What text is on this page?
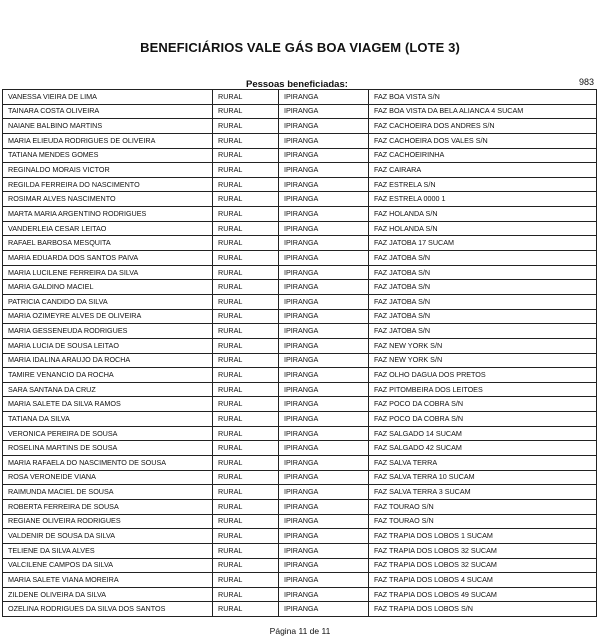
BENEFICIÁRIOS VALE GÁS BOA VIAGEM (LOTE 3)
Pessoas beneficiadas:	983
VANESSA VIEIRA DE LIMA	RURAL	IPIRANGA	FAZ BOA VISTA S/N
TAINARA COSTA OLIVEIRA	RURAL	IPIRANGA	FAZ BOA VISTA DA BELA ALIANCA 4 SUCAM
NAIANE BALBINO MARTINS	RURAL	IPIRANGA	FAZ CACHOEIRA DOS ANDRES S/N
MARIA ELIEUDA RODRIGUES DE OLIVEIRA	RURAL	IPIRANGA	FAZ CACHOEIRA DOS VALES S/N
TATIANA MENDES GOMES	RURAL	IPIRANGA	FAZ CACHOEIRINHA
REGINALDO MORAIS VICTOR	RURAL	IPIRANGA	FAZ CAIRARA
REGILDA FERREIRA DO NASCIMENTO	RURAL	IPIRANGA	FAZ ESTRELA S/N
ROSIMAR ALVES NASCIMENTO	RURAL	IPIRANGA	FAZ ESTRELA 0000 1
MARTA MARIA ARGENTINO RODRIGUES	RURAL	IPIRANGA	FAZ HOLANDA S/N
VANDERLEIA CESAR LEITAO	RURAL	IPIRANGA	FAZ HOLANDA S/N
RAFAEL BARBOSA MESQUITA	RURAL	IPIRANGA	FAZ JATOBA 17 SUCAM
MARIA EDUARDA DOS SANTOS PAIVA	RURAL	IPIRANGA	FAZ JATOBA S/N
MARIA LUCILENE FERREIRA DA SILVA	RURAL	IPIRANGA	FAZ JATOBA S/N
MARIA GALDINO MACIEL	RURAL	IPIRANGA	FAZ JATOBA S/N
PATRICIA CANDIDO DA SILVA	RURAL	IPIRANGA	FAZ JATOBA S/N
MARIA OZIMEYRE ALVES DE OLIVEIRA	RURAL	IPIRANGA	FAZ JATOBA S/N
MARIA GESSENEUDA RODRIGUES	RURAL	IPIRANGA	FAZ JATOBA S/N
MARIA LUCIA DE SOUSA LEITAO	RURAL	IPIRANGA	FAZ NEW YORK S/N
MARIA IDALINA ARAUJO DA ROCHA	RURAL	IPIRANGA	FAZ NEW YORK S/N
TAMIRE VENANCIO DA ROCHA	RURAL	IPIRANGA	FAZ OLHO DAGUA DOS PRETOS
SARA SANTANA DA CRUZ	RURAL	IPIRANGA	FAZ PITOMBEIRA DOS LEITOES
MARIA SALETE DA SILVA RAMOS	RURAL	IPIRANGA	FAZ POCO DA COBRA S/N
TATIANA DA SILVA	RURAL	IPIRANGA	FAZ POCO DA COBRA S/N
VERONICA PEREIRA DE SOUSA	RURAL	IPIRANGA	FAZ SALGADO 14 SUCAM
ROSELINA MARTINS DE SOUSA	RURAL	IPIRANGA	FAZ SALGADO 42 SUCAM
MARIA RAFAELA DO NASCIMENTO DE SOUSA	RURAL	IPIRANGA	FAZ SALVA TERRA
ROSA VERONEIDE VIANA	RURAL	IPIRANGA	FAZ SALVA TERRA 10 SUCAM
RAIMUNDA MACIEL DE SOUSA	RURAL	IPIRANGA	FAZ SALVA TERRA 3 SUCAM
ROBERTA FERREIRA DE SOUSA	RURAL	IPIRANGA	FAZ TOURAO S/N
REGIANE OLIVEIRA RODRIGUES	RURAL	IPIRANGA	FAZ TOURAO S/N
VALDENIR DE SOUSA DA SILVA	RURAL	IPIRANGA	FAZ TRAPIA DOS LOBOS 1 SUCAM
TELIENE DA SILVA ALVES	RURAL	IPIRANGA	FAZ TRAPIA DOS LOBOS 32 SUCAM
VALCILENE CAMPOS DA SILVA	RURAL	IPIRANGA	FAZ TRAPIA DOS LOBOS 32 SUCAM
MARIA SALETE VIANA MOREIRA	RURAL	IPIRANGA	FAZ TRAPIA DOS LOBOS 4 SUCAM
ZILDENE OLIVEIRA DA SILVA	RURAL	IPIRANGA	FAZ TRAPIA DOS LOBOS 49 SUCAM
OZELINA RODRIGUES DA SILVA DOS SANTOS	RURAL	IPIRANGA	FAZ TRAPIA DOS LOBOS S/N
Página 11 de 11
